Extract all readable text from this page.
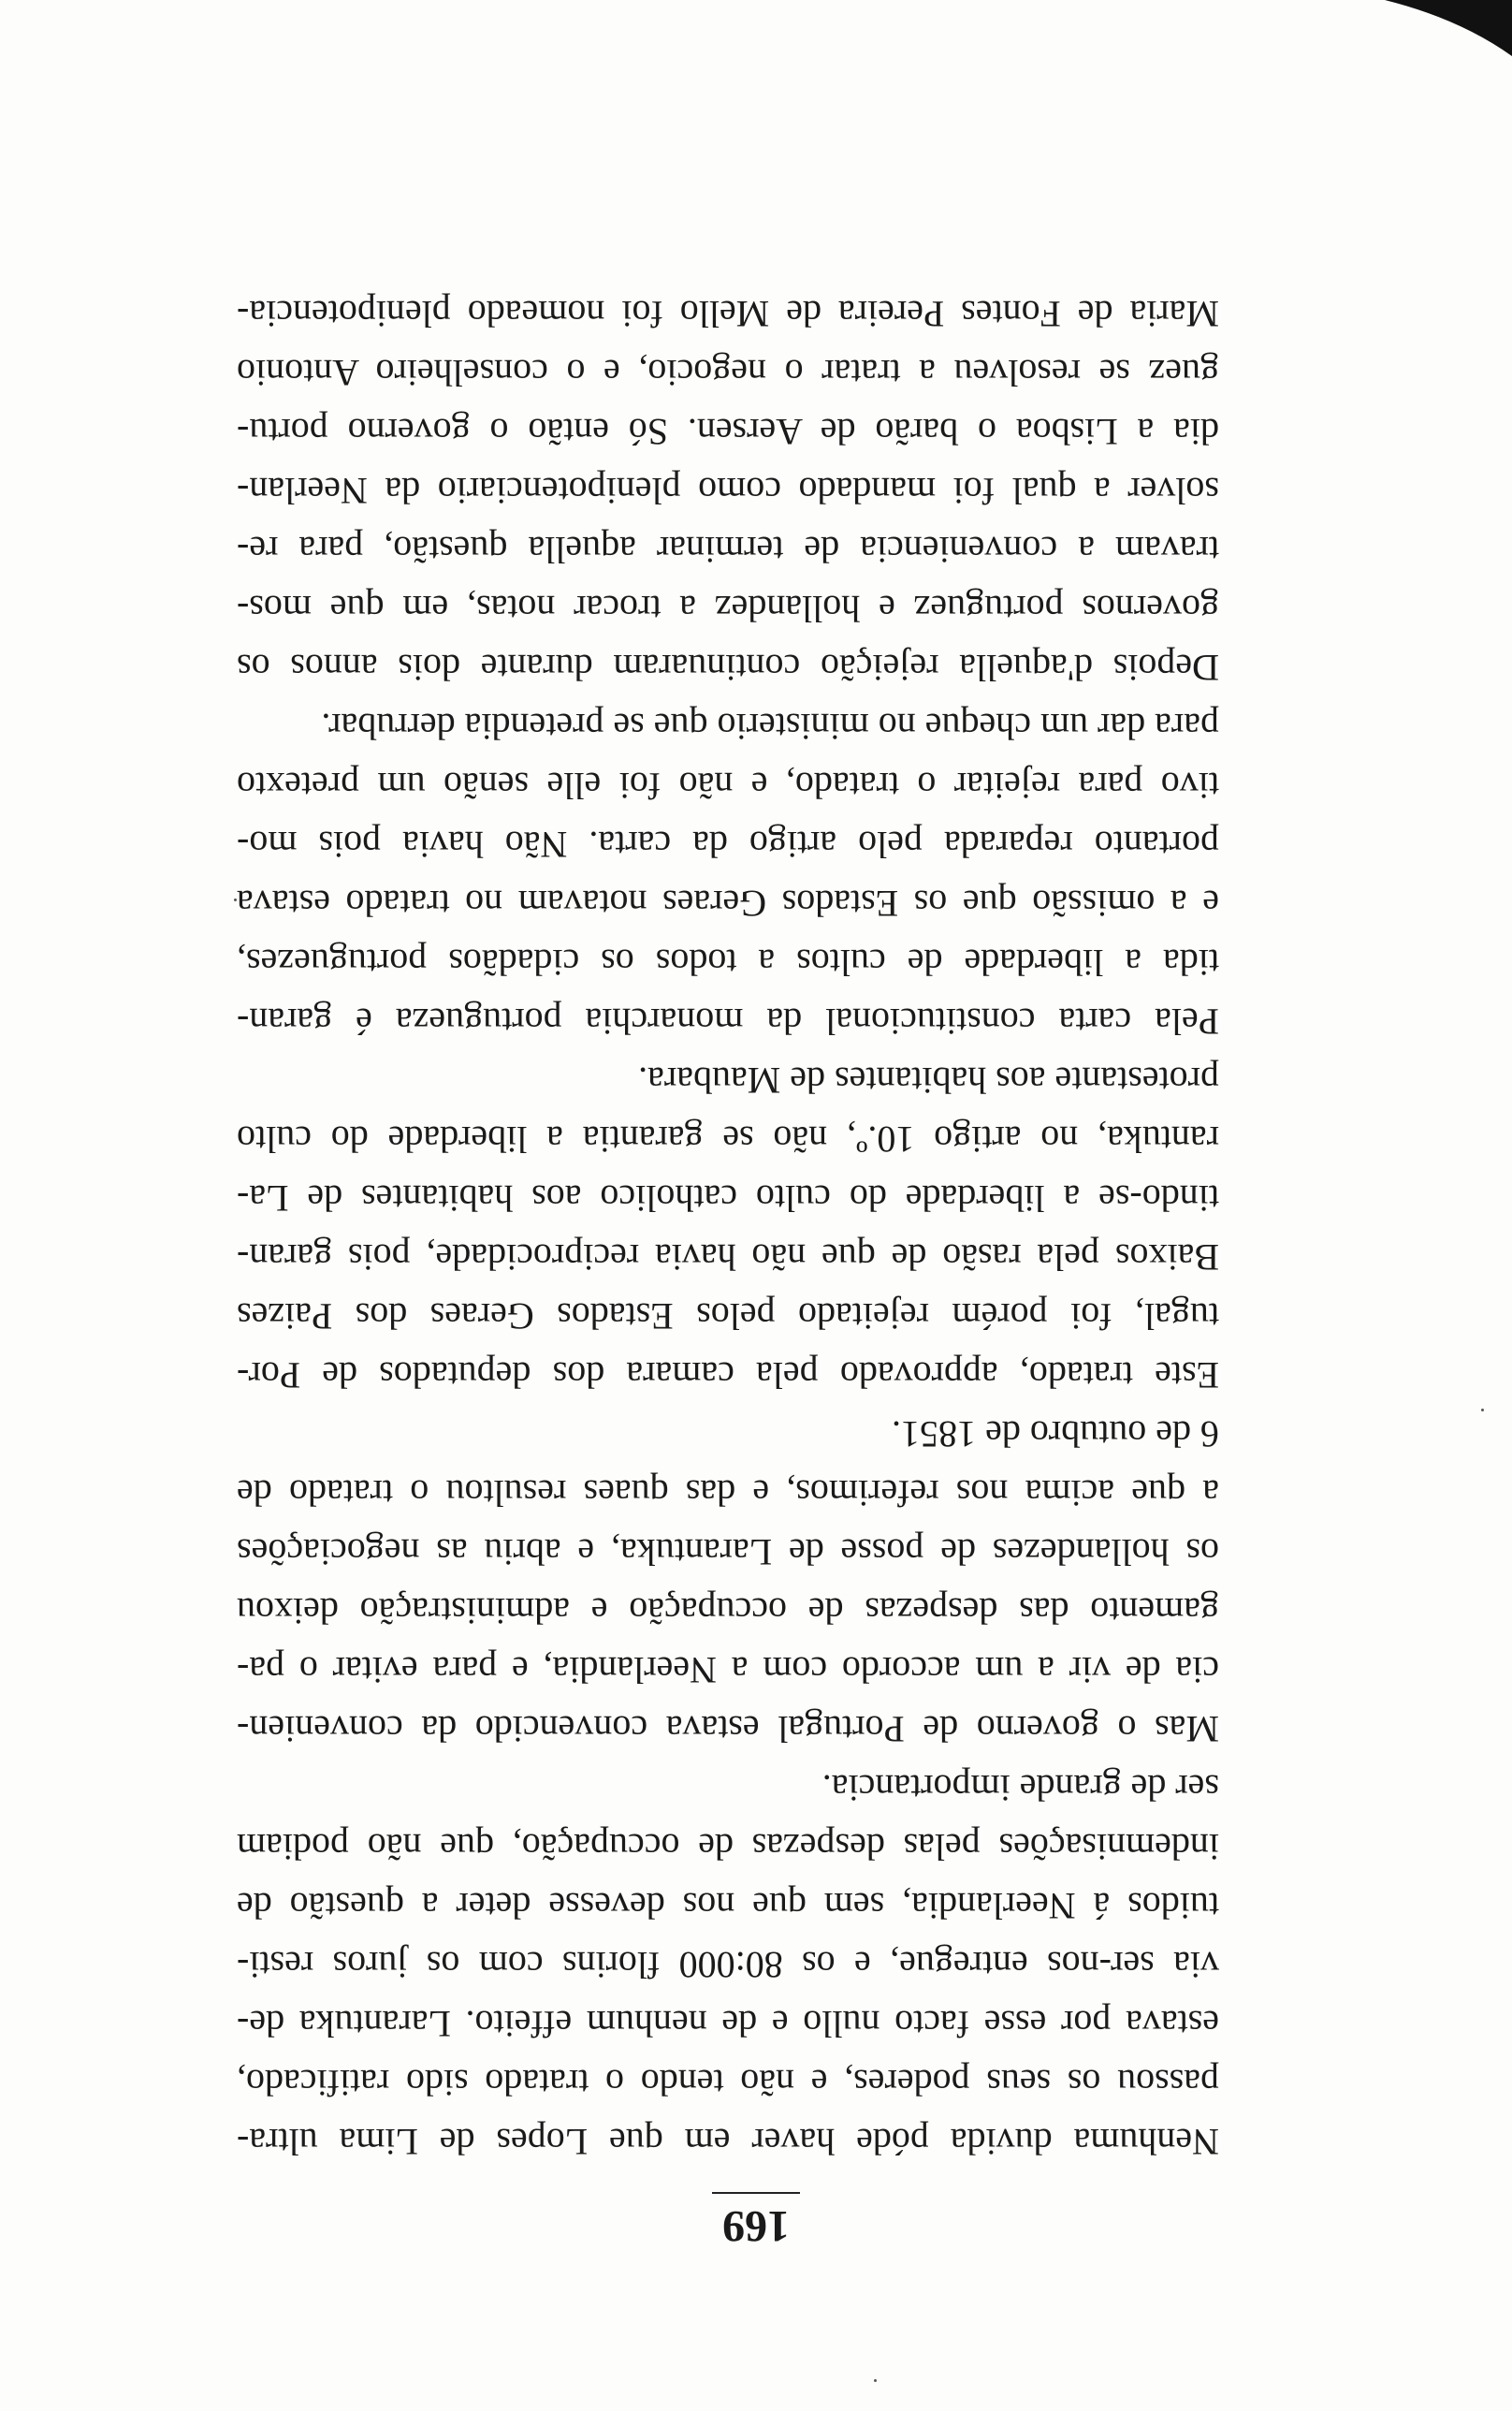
169

Nenhuma duvida póde haver em que Lopes de Lima ultra-
passou os seus poderes, e não tendo o tratado sido ratificado,
estava por esse facto nullo e de nenhum effeito. Larantuka de-
via ser-nos entregue, e os 80:000 florins com os juros resti-
tuidos á Neerlandia, sem que nos devesse deter a questão de
indemnisações pelas despezas de occupação, que não podiam
ser de grande importancia.

Mas o governo de Portugal estava convencido da convenien-
cia de vir a um accordo com a Neerlandia, e para evitar o pa-
gamento das despezas de occupação e administração deixou
os hollandezes de posse de Larantuka, e abriu as negociações
a que acima nos referimos, e das quaes resultou o tratado de
6 de outubro de 1851.

Este tratado, approvado pela camara dos deputados de Por-
tugal, foi porém rejeitado pelos Estados Geraes dos Paizes
Baixos pela rasão de que não havia reciprocidade, pois garan-
tindo-se a liberdade do culto catholico aos habitantes de La-
rantuka, no artigo 10.º, não se garantia a liberdade do culto
protestante aos habitantes de Maubara.

Pela carta constitucional da monarchia portugueza é garan-
tida a liberdade de cultos a todos os cidadãos portuguezes,
e a omissão que os Estados Geraes notavam no tratado estava
portanto reparada pelo artigo da carta. Não havia pois mo-
tivo para rejeitar o tratado, e não foi elle senão um pretexto
para dar um cheque no ministerio que se pretendia derrubar.

Depois d'aquella rejeição continuaram durante dois annos os
governos portuguez e hollandez a trocar notas, em que mos-
travam a conveniencia de terminar aquella questão, para re-
solver a qual foi mandado como plenipotenciario da Neerlan-
dia a Lisboa o barão de Aersen. Só então o governo portu-
guez se resolveu a tratar o negocio, e o conselheiro Antonio
Maria de Fontes Pereira de Mello foi nomeado plenipotencia-
